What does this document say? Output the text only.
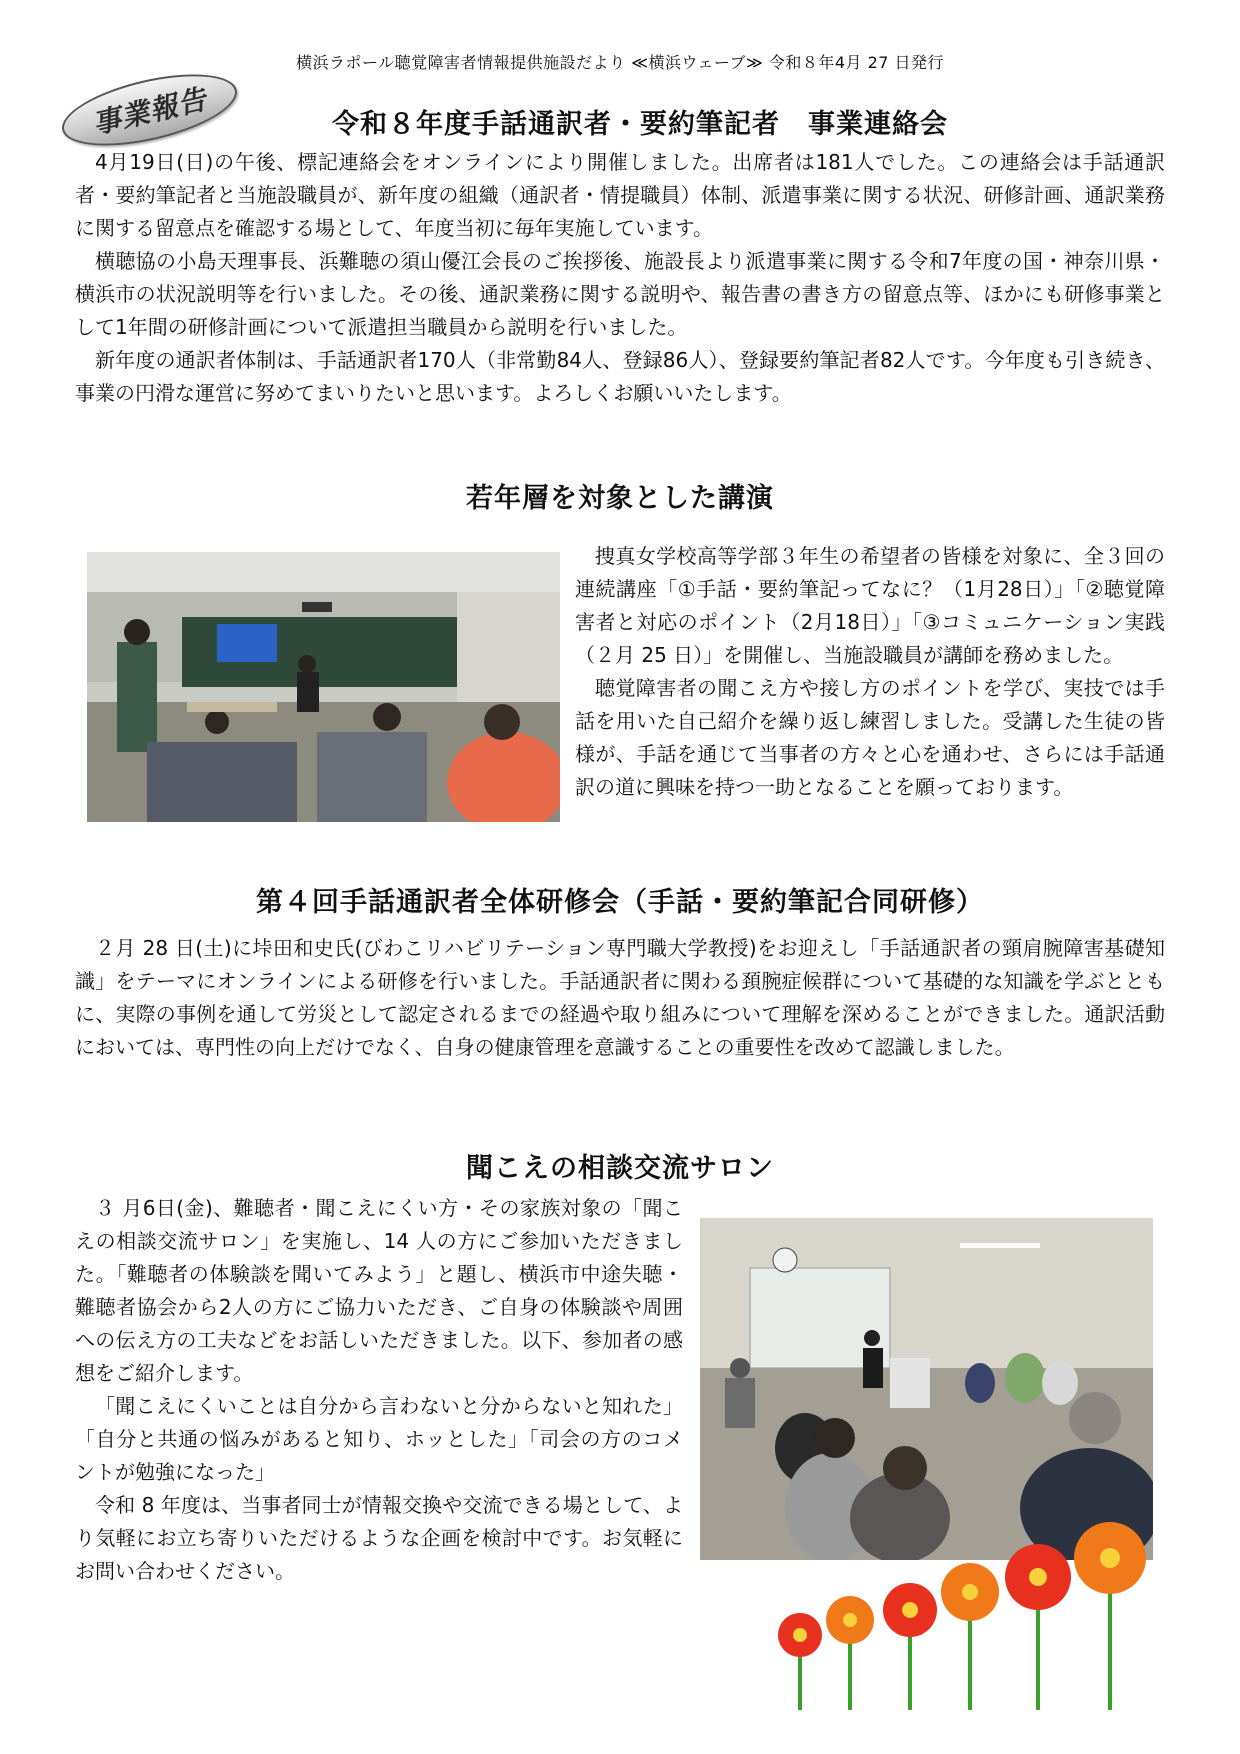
横浜ラポール聴覚障害者情報提供施設だより ≪横浜ウェーブ≫ 令和８年4月 27 日発行
事業報告	令和８年度手話通訳者・要約筆記者　事業連絡会

4月19日(日)の午後、標記連絡会をオンラインにより開催しました。出席者は181人でした。この連絡会は手話通訳者・要約筆記者と当施設職員が、新年度の組織（通訳者・情提職員）体制、派遣事業に関する状況、研修計画、通訳業務に関する留意点を確認する場として、年度当初に毎年実施しています。

横聴協の小島天理事長、浜難聴の須山優江会長のご挨拶後、施設長より派遣事業に関する令和7年度の国・神奈川県・横浜市の状況説明等を行いました。その後、通訳業務に関する説明や、報告書の書き方の留意点等、ほかにも研修事業として1年間の研修計画について派遣担当職員から説明を行いました。

新年度の通訳者体制は、手話通訳者170人（非常勤84人、登録86人）、登録要約筆記者82人です。今年度も引き続き、事業の円滑な運営に努めてまいりたいと思います。よろしくお願いいたします。

若年層を対象とした講演

捜真女学校高等学部３年生の希望者の皆様を対象に、全３回の連続講座「①手話・要約筆記ってなに？（1月28日）」「②聴覚障害者と対応のポイント（2月18日）」「③コミュニケーション実践（２月 25 日）」を開催し、当施設職員が講師を務めました。

聴覚障害者の聞こえ方や接し方のポイントを学び、実技では手話を用いた自己紹介を繰り返し練習しました。受講した生徒の皆様が、手話を通じて当事者の方々と心を通わせ、さらには手話通訳の道に興味を持つ一助となることを願っております。

第４回手話通訳者全体研修会（手話・要約筆記合同研修）

２月 28 日(土)に垰田和史氏(びわこリハビリテーション専門職大学教授)をお迎えし「手話通訳者の頸肩腕障害基礎知識」をテーマにオンラインによる研修を行いました。手話通訳者に関わる頚腕症候群について基礎的な知識を学ぶとともに、実際の事例を通して労災として認定されるまでの経過や取り組みについて理解を深めることができました。通訳活動においては、専門性の向上だけでなく、自身の健康管理を意識することの重要性を改めて認識しました。

聞こえの相談交流サロン

３ 月6日(金)、難聴者・聞こえにくい方・その家族対象の「聞こえの相談交流サロン」を実施し、14 人の方にご参加いただきました。「難聴者の体験談を聞いてみよう」と題し、横浜市中途失聴・難聴者協会から2人の方にご協力いただき、ご自身の体験談や周囲への伝え方の工夫などをお話しいただきました。以下、参加者の感想をご紹介します。

「聞こえにくいことは自分から言わないと分からないと知れた」「自分と共通の悩みがあると知り、ホッとした」「司会の方のコメントが勉強になった」

令和 8 年度は、当事者同士が情報交換や交流できる場として、より気軽にお立ち寄りいただけるような企画を検討中です。お気軽にお問い合わせください。
